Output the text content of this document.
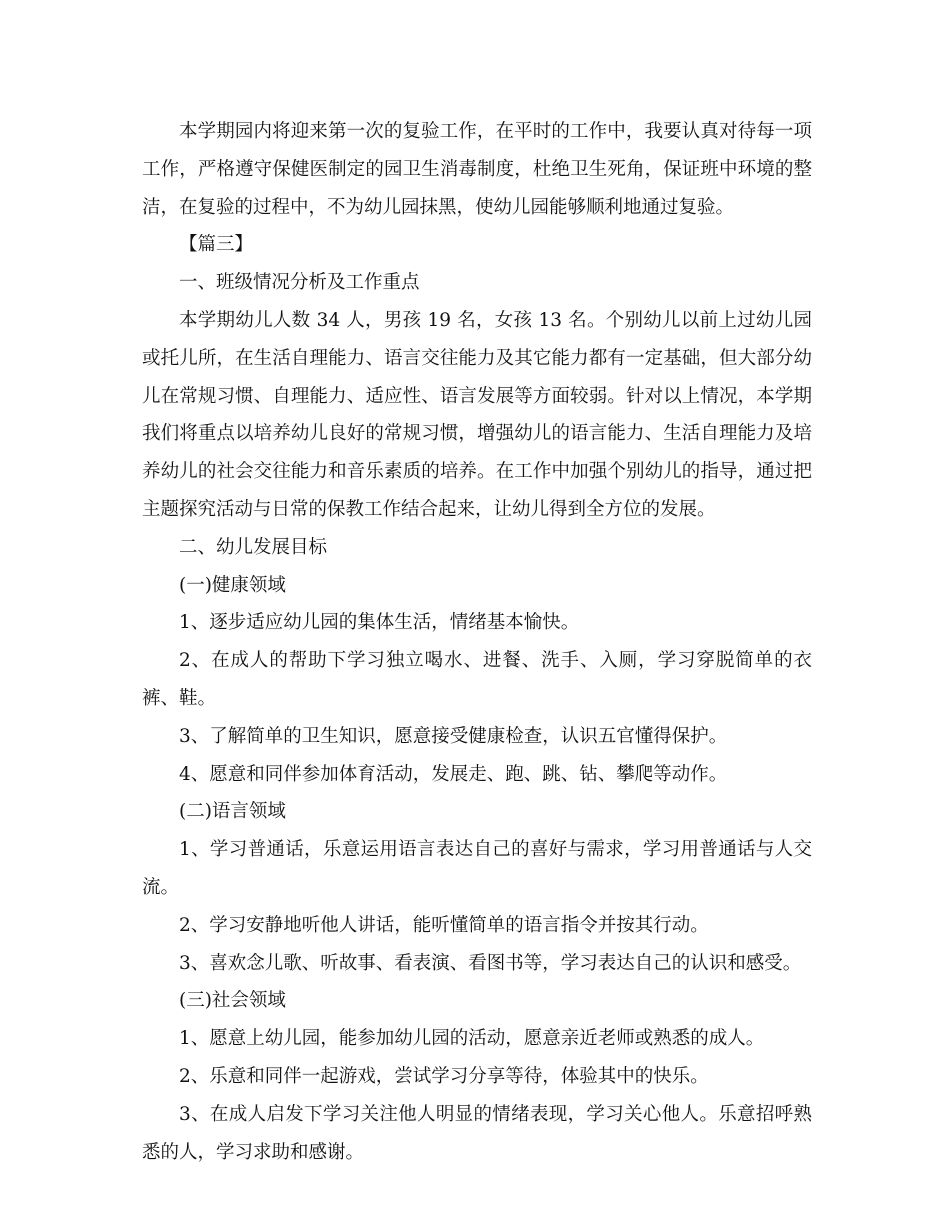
本学期园内将迎来第一次的复验工作，在平时的工作中，我要认真对待每一项工作，严格遵守保健医制定的园卫生消毒制度，杜绝卫生死角，保证班中环境的整洁，在复验的过程中，不为幼儿园抹黑，使幼儿园能够顺利地通过复验。

【篇三】

一、班级情况分析及工作重点

本学期幼儿人数 34 人，男孩 19 名，女孩 13 名。个别幼儿以前上过幼儿园或托儿所，在生活自理能力、语言交往能力及其它能力都有一定基础，但大部分幼儿在常规习惯、自理能力、适应性、语言发展等方面较弱。针对以上情况，本学期我们将重点以培养幼儿良好的常规习惯，增强幼儿的语言能力、生活自理能力及培养幼儿的社会交往能力和音乐素质的培养。在工作中加强个别幼儿的指导，通过把主题探究活动与日常的保教工作结合起来，让幼儿得到全方位的发展。

二、幼儿发展目标

(一)健康领域

1、逐步适应幼儿园的集体生活，情绪基本愉快。

2、在成人的帮助下学习独立喝水、进餐、洗手、入厕，学习穿脱简单的衣裤、鞋。

3、了解简单的卫生知识，愿意接受健康检查，认识五官懂得保护。

4、愿意和同伴参加体育活动，发展走、跑、跳、钻、攀爬等动作。

(二)语言领域

1、学习普通话，乐意运用语言表达自己的喜好与需求，学习用普通话与人交流。

2、学习安静地听他人讲话，能听懂简单的语言指令并按其行动。

3、喜欢念儿歌、听故事、看表演、看图书等，学习表达自己的认识和感受。

(三)社会领域

1、愿意上幼儿园，能参加幼儿园的活动，愿意亲近老师或熟悉的成人。

2、乐意和同伴一起游戏，尝试学习分享等待，体验其中的快乐。

3、在成人启发下学习关注他人明显的情绪表现，学习关心他人。乐意招呼熟悉的人，学习求助和感谢。
